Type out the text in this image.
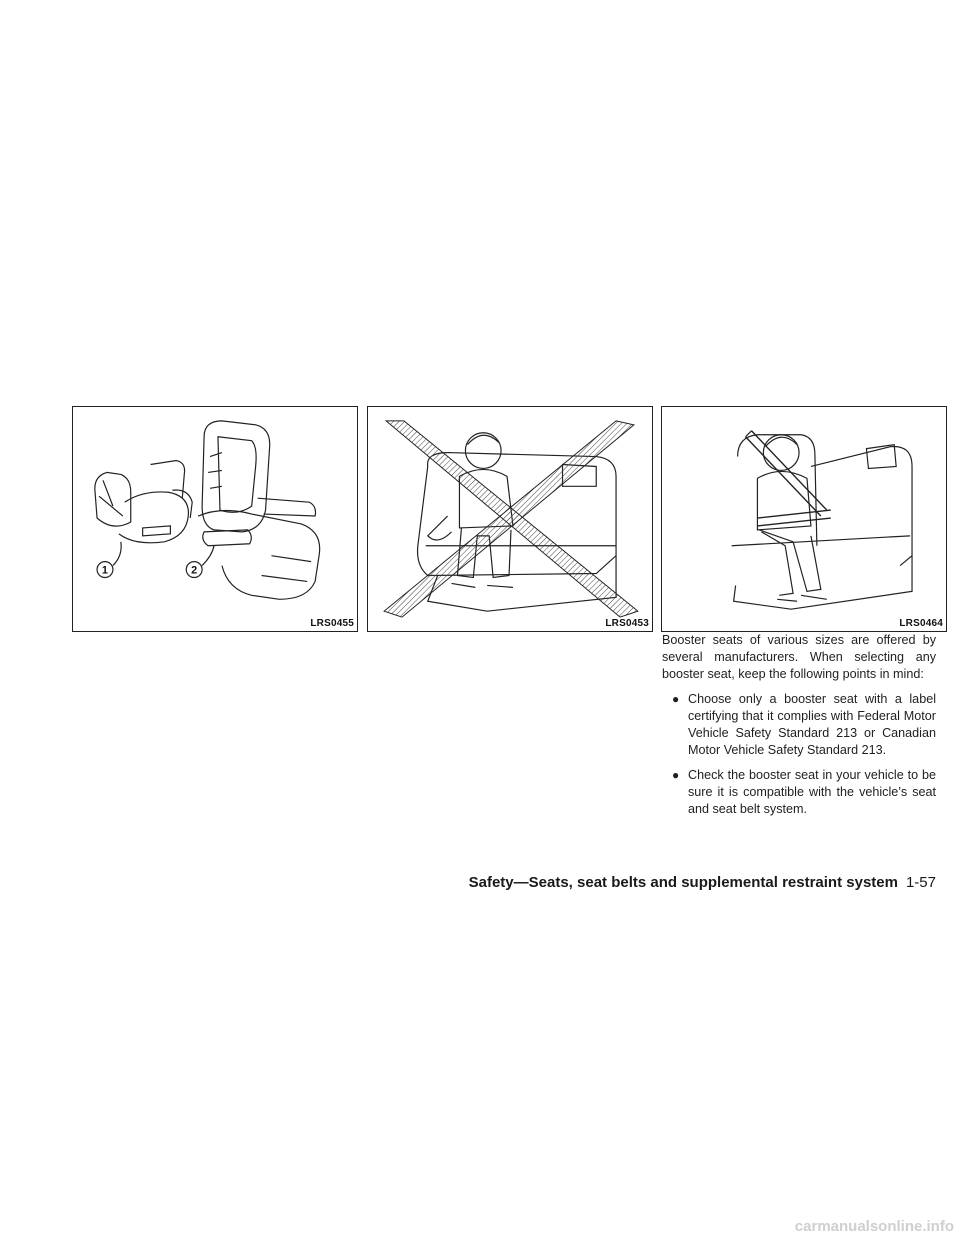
1	2
LRS0455	LRS0453	LRS0464

Booster seats of various sizes are offered by several manufacturers. When selecting any booster seat, keep the following points in mind:

● Choose only a booster seat with a label certifying that it complies with Federal Motor Vehicle Safety Standard 213 or Canadian Motor Vehicle Safety Standard 213.
● Check the booster seat in your vehicle to be sure it is compatible with the vehicle’s seat and seat belt system.
Safety—Seats, seat belts and supplemental restraint system 1-57
carmanualsonline.info
